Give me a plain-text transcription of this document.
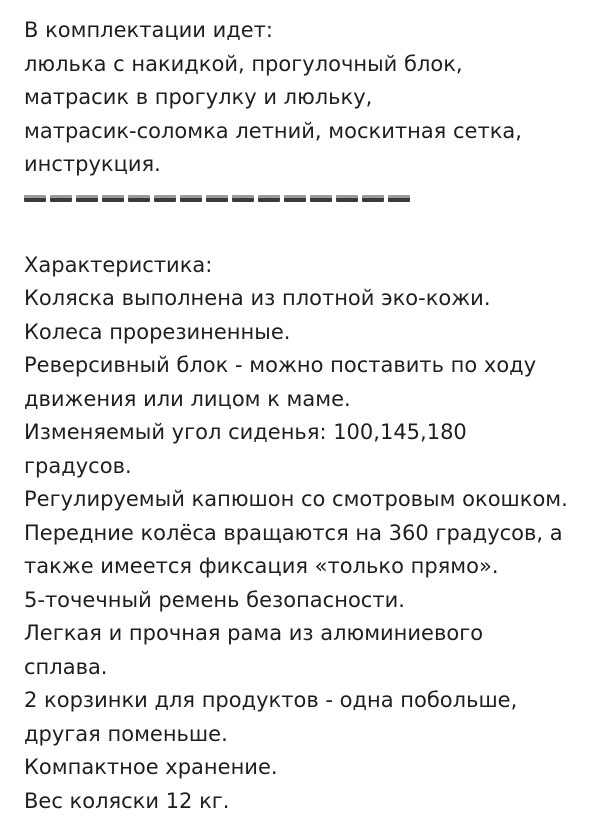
В комплектации идет:
люлька с накидкой, прогулочный блок,
матрасик в прогулку и люльку,
матрасик-соломка летний, москитная сетка,
инструкция.
Характеристика:
Коляска выполнена из плотной эко-кожи.
Колеса прорезиненные.
Реверсивный блок - можно поставить по ходу
движения или лицом к маме.
Изменяемый угол сиденья: 100,145,180
градусов.
Регулируемый капюшон со смотровым окошком.
Передние колёса вращаются на 360 градусов, а
также имеется фиксация «только прямо».
5-точечный ремень безопасности.
Легкая и прочная рама из алюминиевого
сплава.
2 корзинки для продуктов - одна побольше,
другая поменьше.
Компактное хранение.
Вес коляски 12 кг.
